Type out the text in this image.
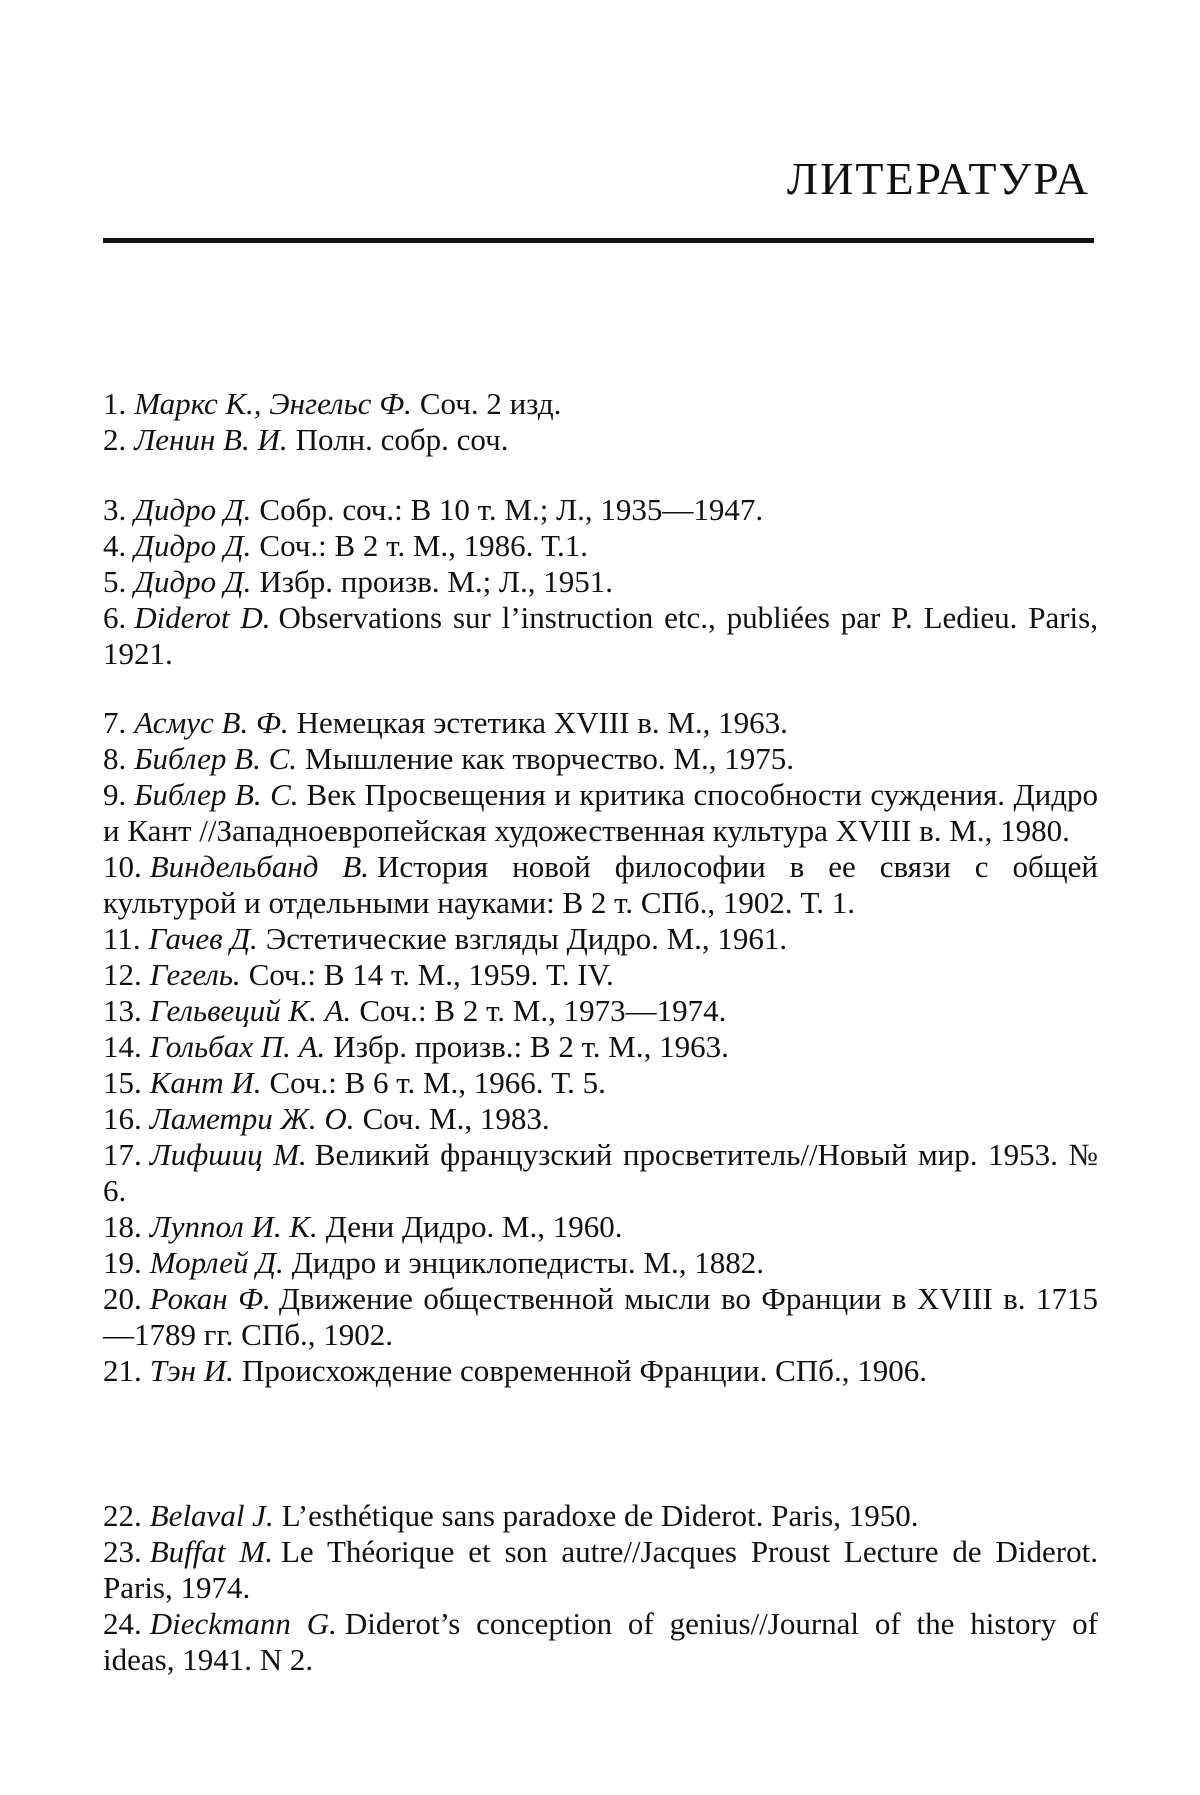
ЛИТЕРАТУРА
1. Маркс К., Энгельс Ф. Соч. 2 изд.
2. Ленин В. И. Полн. собр. соч.
3. Дидро Д. Собр. соч.: В 10 т. М.; Л., 1935—1947.
4. Дидро Д. Соч.: В 2 т. М., 1986. Т.1.
5. Дидро Д. Избр. произв. М.; Л., 1951.
6. Diderot D. Observations sur l’instruction etc., publiées par P. Ledieu. Paris, 1921.
7. Асмус В. Ф. Немецкая эстетика XVIII в. М., 1963.
8. Библер В. С. Мышление как творчество. М., 1975.
9. Библер В. С. Век Просвещения и критика способности суждения. Дидро и Кант //Западноевропейская художественная культура XVIII в. М., 1980.
10. Виндельбанд В. История новой философии в ее связи с общей культурой и отдельными науками: В 2 т. СПб., 1902. Т. 1.
11. Гачев Д. Эстетические взгляды Дидро. М., 1961.
12. Гегель. Соч.: В 14 т. М., 1959. Т. IV.
13. Гельвеций К. А. Соч.: В 2 т. М., 1973—1974.
14. Гольбах П. А. Избр. произв.: В 2 т. М., 1963.
15. Кант И. Соч.: В 6 т. М., 1966. Т. 5.
16. Ламетри Ж. О. Соч. М., 1983.
17. Лифшиц М. Великий французский просветитель//Новый мир. 1953. № 6.
18. Луппол И. К. Дени Дидро. М., 1960.
19. Морлей Д. Дидро и энциклопедисты. М., 1882.
20. Рокан Ф. Движение общественной мысли во Франции в XVIII в. 1715—1789 гг. СПб., 1902.
21. Тэн И. Происхождение современной Франции. СПб., 1906.
22. Belaval J. L’esthétique sans paradoxe de Diderot. Paris, 1950.
23. Buffat M. Le Théorique et son autre//Jacques Proust Lecture de Diderot. Paris, 1974.
24. Dieckmann G. Diderot’s conception of genius//Journal of the history of ideas, 1941. N 2.
